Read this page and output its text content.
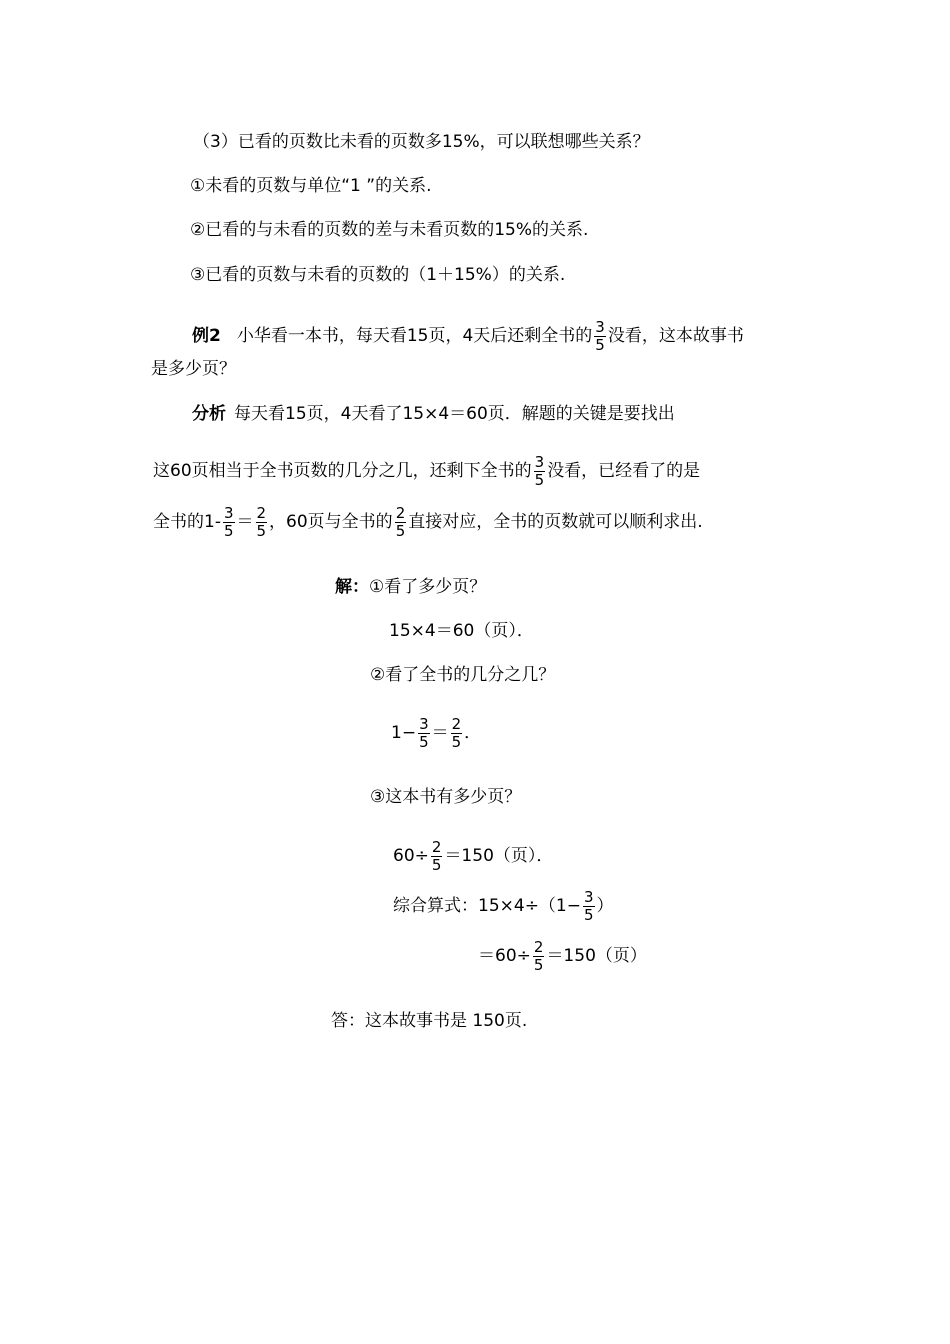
（3）已看的页数比未看的页数多15%，可以联想哪些关系？
①未看的页数与单位“1 ”的关系.
②已看的与未看的页数的差与未看页数的15%的关系.
③已看的页数与未看的页数的（1＋15%）的关系.
例2 小华看一本书，每天看15页，4天后还剩全书的 $\frac{3}{5}$ 没看，这本故事书
是多少页？
分析 每天看15页，4天看了15×4＝60页．解题的关键是要找出
这60页相当于全书页数的几分之几，还剩下全书的 $\frac{3}{5}$ 没看，已经看了的是
全书的$1- \frac{3}{5} = \frac{2}{5}$ ，60页与全书的 $\frac{2}{5}$ 直接对应，全书的页数就可以顺利求出.
解： ①看了多少页？
15×4＝60（页）．
②看了全书的几分之几？
$1- \frac{3}{5} = \frac{2}{5}$ ．
③这本书有多少页？
$60\div \frac{2}{5} =150$（页）．
综合算式：$15\times 4\div(1- \frac{3}{5}$ ）
$=60\div \frac{2}{5} =150$（页）
答：这本故事书是 150页.
